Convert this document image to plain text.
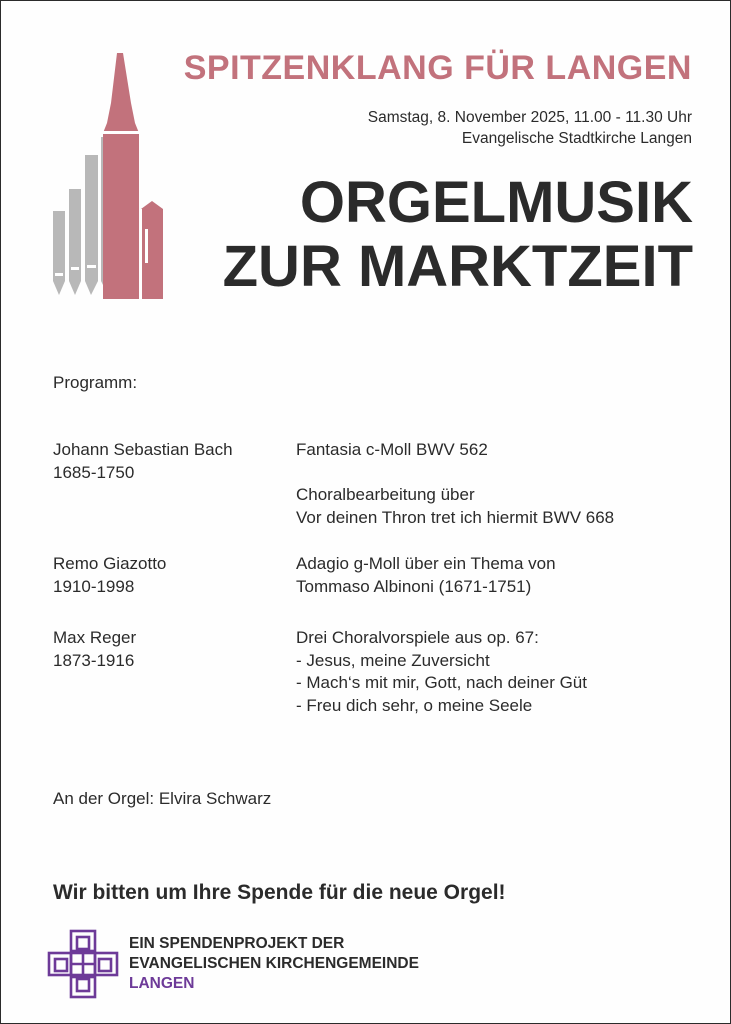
SPITZENKLANG FÜR LANGEN
Samstag, 8. November 2025, 11.00 - 11.30 Uhr
Evangelische Stadtkirche Langen
ORGELMUSIK
ZUR MARKTZEIT
Programm:
Johann Sebastian Bach
1685-1750
Fantasia c-Moll BWV 562
Choralbearbeitung über
Vor deinen Thron tret ich hiermit BWV 668
Remo Giazotto
1910-1998
Adagio g-Moll über ein Thema von
Tommaso Albinoni (1671-1751)
Max Reger
1873-1916
Drei Choralvorspiele aus op. 67:
- Jesus, meine Zuversicht
- Mach‘s mit mir, Gott, nach deiner Güt
- Freu dich sehr, o meine Seele
An der Orgel: Elvira Schwarz
Wir bitten um Ihre Spende für die neue Orgel!
EIN SPENDENPROJEKT DER
EVANGELISCHEN KIRCHENGEMEINDE
LANGEN
